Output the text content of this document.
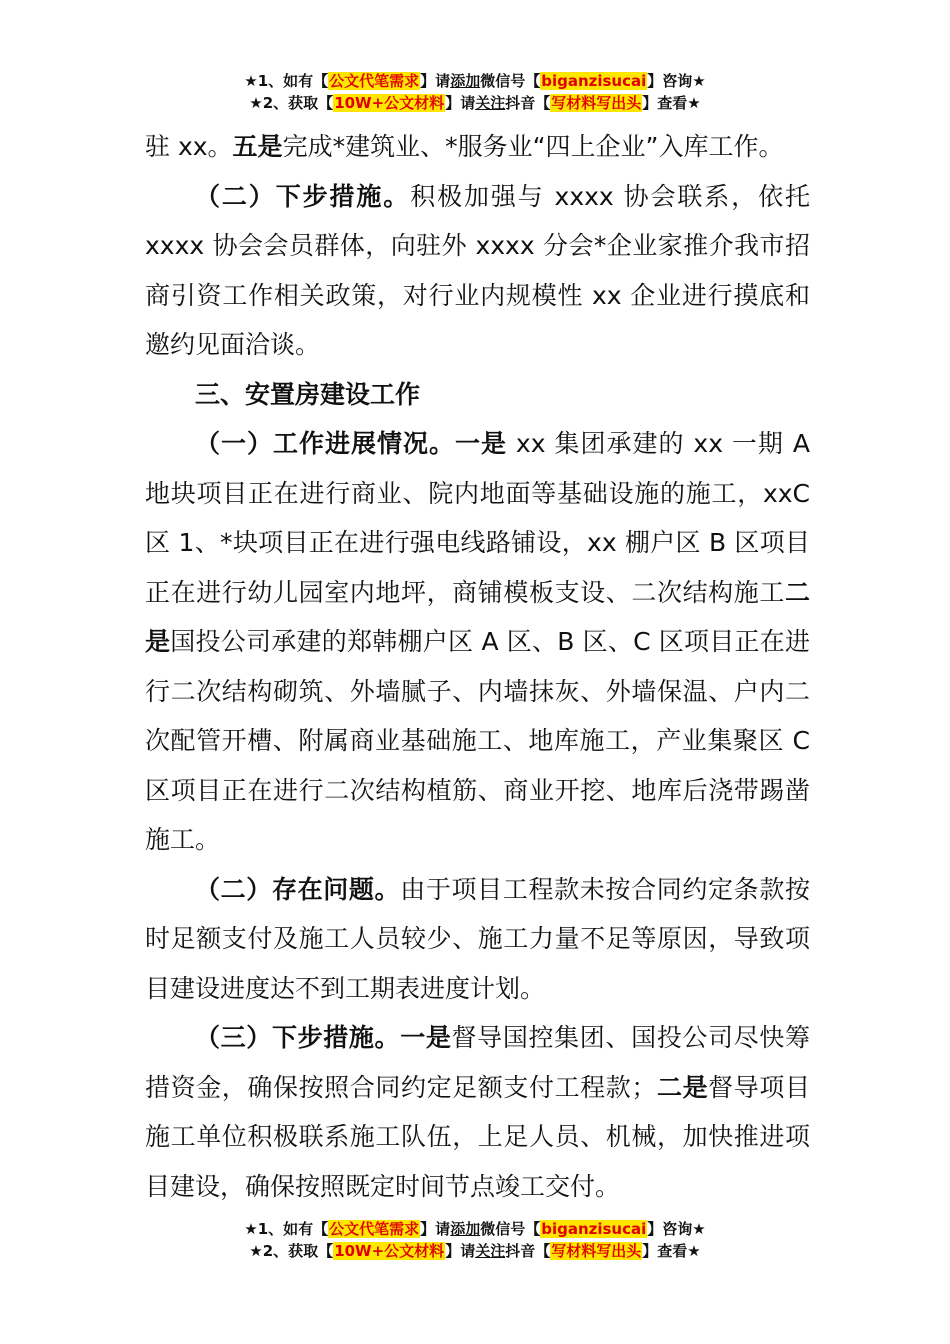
★1、如有【公文代笔需求】请添加微信号【biganzisucai】咨询★
★2、获取【10W+公文材料】请关注抖音【写材料写出头】查看★

驻 xx。五是完成*建筑业、*服务业“四上企业”入库工作。

（二）下步措施。积极加强与 xxxx 协会联系，依托 xxxx 协会会员群体，向驻外 xxxx 分会*企业家推介我市招商引资工作相关政策，对行业内规模性 xx 企业进行摸底和邀约见面洽谈。

三、安置房建设工作

（一）工作进展情况。一是 xx 集团承建的 xx 一期 A 地块项目正在进行商业、院内地面等基础设施的施工，xxC 区 1、*块项目正在进行强电线路铺设，xx 棚户区 B 区项目正在进行幼儿园室内地坪，商铺模板支设、二次结构施工二是国投公司承建的郑韩棚户区 A 区、B 区、C 区项目正在进行二次结构砌筑、外墙腻子、内墙抹灰、外墙保温、户内二次配管开槽、附属商业基础施工、地库施工，产业集聚区 C 区项目正在进行二次结构植筋、商业开挖、地库后浇带踢凿施工。

（二）存在问题。由于项目工程款未按合同约定条款按时足额支付及施工人员较少、施工力量不足等原因，导致项目建设进度达不到工期表进度计划。

（三）下步措施。一是督导国控集团、国投公司尽快筹措资金，确保按照合同约定足额支付工程款；二是督导项目施工单位积极联系施工队伍，上足人员、机械，加快推进项目建设，确保按照既定时间节点竣工交付。

★1、如有【公文代笔需求】请添加微信号【biganzisucai】咨询★
★2、获取【10W+公文材料】请关注抖音【写材料写出头】查看★
